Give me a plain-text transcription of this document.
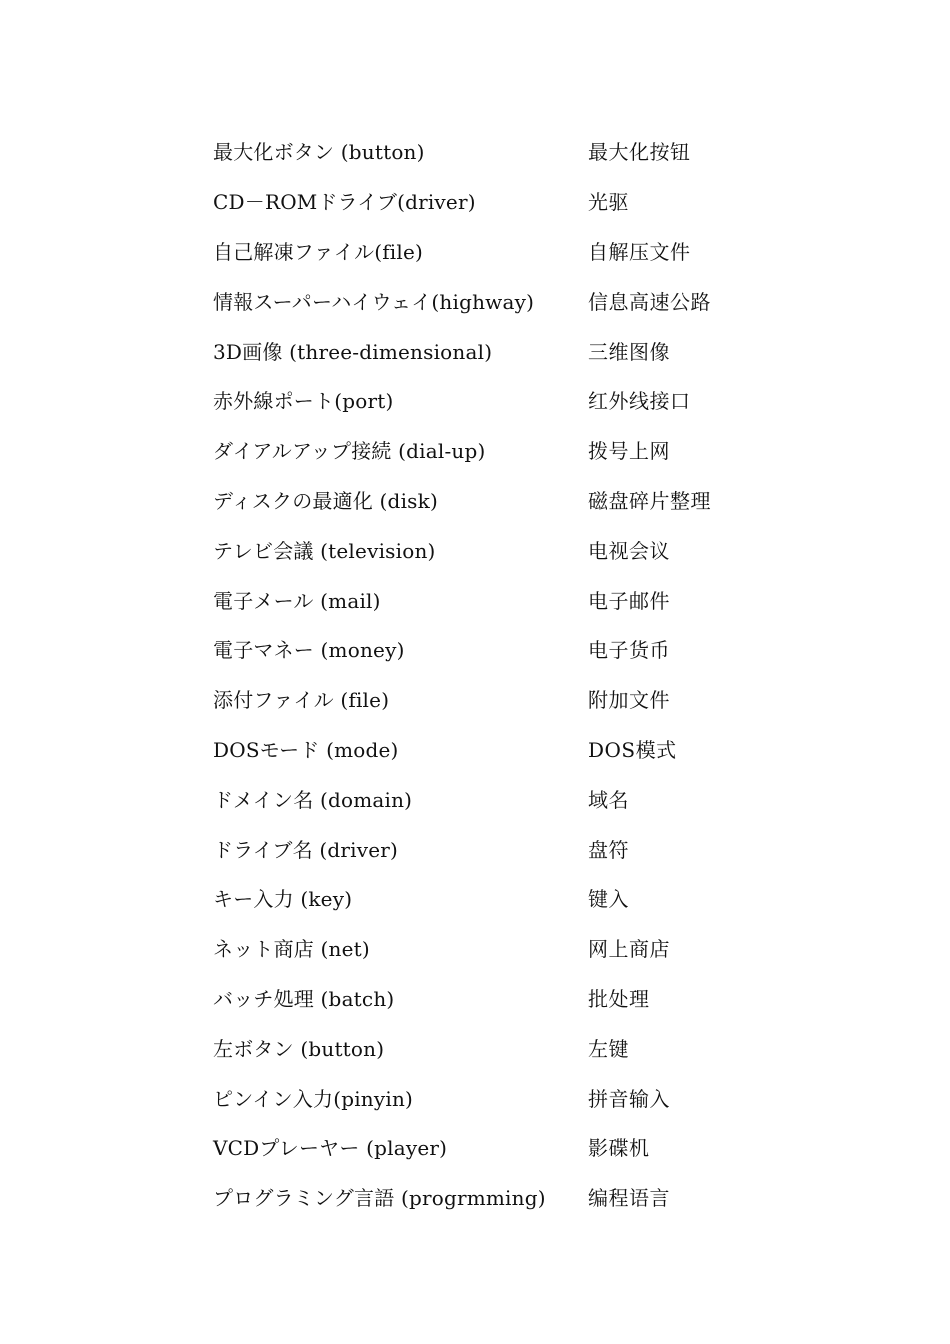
最大化ボタン (button)	最大化按钮
CD－ROMドライブ(driver)	光驱
自己解凍ファイル(file)	自解压文件
情報スーパーハイウェイ(highway)	信息高速公路
3D画像 (three-dimensional)	三维图像
赤外線ポート(port)	红外线接口
ダイアルアップ接続 (dial-up)	拨号上网
ディスクの最適化 (disk)	磁盘碎片整理
テレビ会議 (television)	电视会议
電子メール (mail)	电子邮件
電子マネー (money)	电子货币
添付ファイル (file)	附加文件
DOSモード (mode)	DOS模式
ドメイン名 (domain)	域名
ドライブ名 (driver)	盘符
キー入力 (key)	键入
ネット商店 (net)	网上商店
バッチ処理 (batch)	批处理
左ボタン (button)	左键
ピンイン入力(pinyin)	拼音输入
VCDプレーヤー (player)	影碟机
プログラミング言語 (progrmming)	编程语言
